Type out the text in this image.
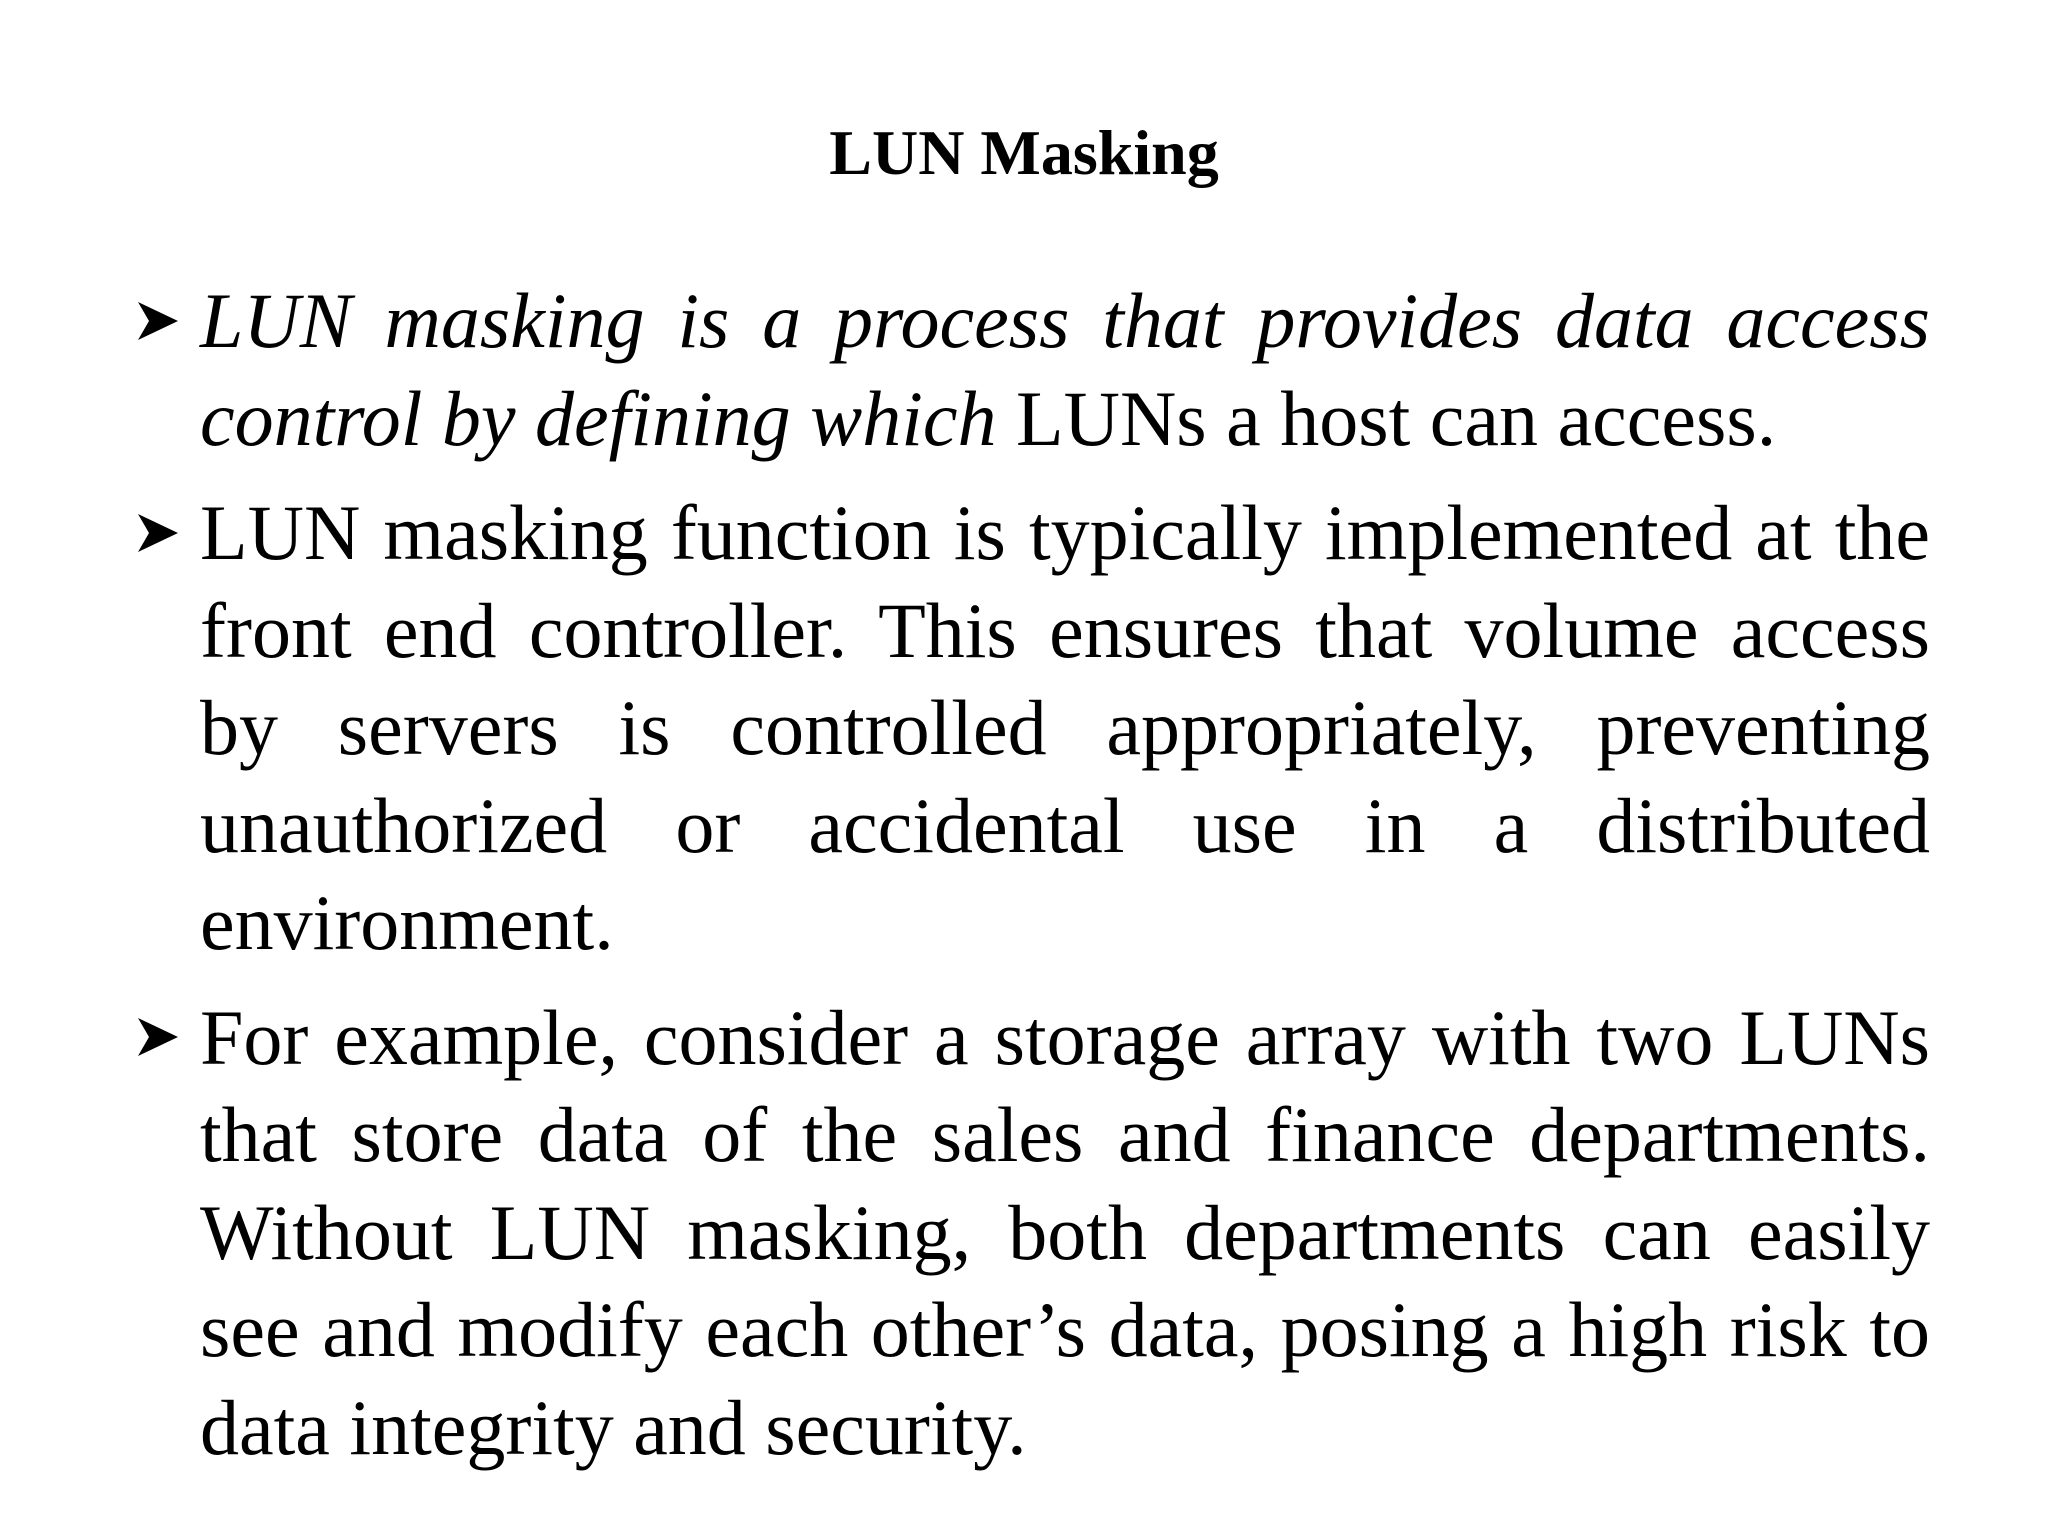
LUN Masking
LUN masking is a process that provides data access control by defining which LUNs a host can access.
LUN masking function is typically implemented at the front end controller. This ensures that volume access by servers is controlled appropriately, preventing unauthorized or accidental use in a distributed environment.
For example, consider a storage array with two LUNs that store data of the sales and finance departments. Without LUN masking, both departments can easily see and modify each other’s data, posing a high risk to data integrity and security.
